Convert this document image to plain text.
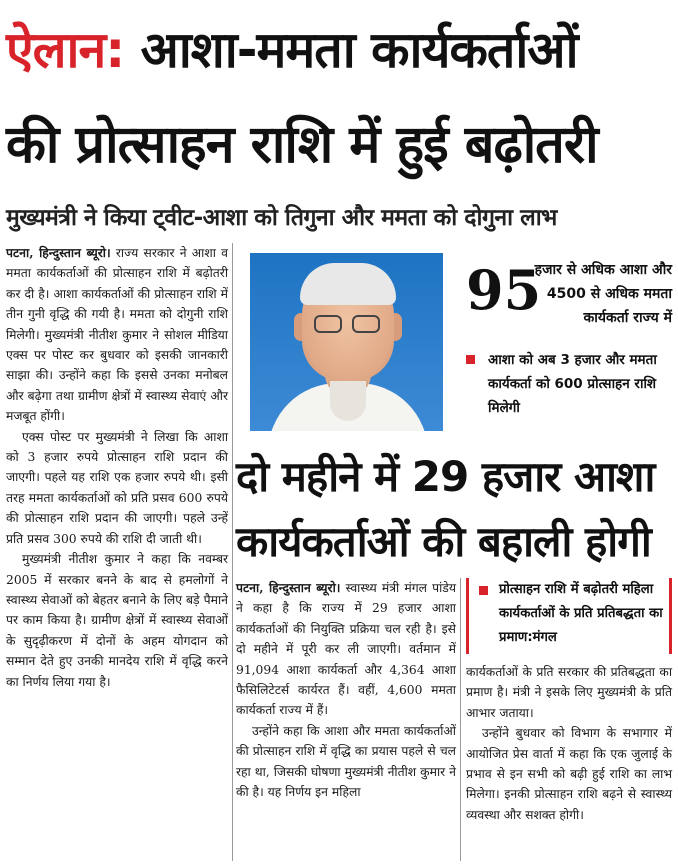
ऐलान: आशा-ममता कार्यकर्ताओं
की प्रोत्साहन राशि में हुई बढ़ोतरी
मुख्यमंत्री ने किया ट्वीट-आशा को तिगुना और ममता को दोगुना लाभ

पटना, हिन्दुस्तान ब्यूरो। राज्य सरकार ने आशा व ममता कार्यकर्ताओं की प्रोत्साहन राशि में बढ़ोतरी कर दी है। आशा कार्यकर्ताओं की प्रोत्साहन राशि में तीन गुनी वृद्धि की गयी है। ममता को दोगुनी राशि मिलेगी। मुख्यमंत्री नीतीश कुमार ने सोशल मीडिया एक्स पर पोस्ट कर बुधवार को इसकी जानकारी साझा की। उन्होंने कहा कि इससे उनका मनोबल और बढ़ेगा तथा ग्रामीण क्षेत्रों में स्वास्थ्य सेवाएं और मजबूत होंगी।

एक्स पोस्ट पर मुख्यमंत्री ने लिखा कि आशा को 3 हजार रुपये प्रोत्साहन राशि प्रदान की जाएगी। पहले यह राशि एक हजार रुपये थी। इसी तरह ममता कार्यकर्ताओं को प्रति प्रसव 600 रुपये की प्रोत्साहन राशि प्रदान की जाएगी। पहले उन्हें प्रति प्रसव 300 रुपये की राशि दी जाती थी।

मुख्यमंत्री नीतीश कुमार ने कहा कि नवम्बर 2005 में सरकार बनने के बाद से हमलोगों ने स्वास्थ्य सेवाओं को बेहतर बनाने के लिए बड़े पैमाने पर काम किया है। ग्रामीण क्षेत्रों में स्वास्थ्य सेवाओं के सुदृढ़ीकरण में दोनों के अहम योगदान को सम्मान देते हुए उनकी मानदेय राशि में वृद्धि करने का निर्णय लिया गया है।

95
हजार से अधिक आशा और 4500 से अधिक ममता कार्यकर्ता राज्य में
आशा को अब 3 हजार और ममता कार्यकर्ता को 600 प्रोत्साहन राशि मिलेगी
दो महीने में 29 हजार आशा
कार्यकर्ताओं की बहाली होगी

पटना, हिन्दुस्तान ब्यूरो। स्वास्थ्य मंत्री मंगल पांडेय ने कहा है कि राज्य में 29 हजार आशा कार्यकर्ताओं की नियुक्ति प्रक्रिया चल रही है। इसे दो महीने में पूरी कर ली जाएगी। वर्तमान में 91,094 आशा कार्यकर्ता और 4,364 आशा फैसिलिटेटर्स कार्यरत हैं। वहीं, 4,600 ममता कार्यकर्ता राज्य में हैं।

उन्होंने कहा कि आशा और ममता कार्यकर्ताओं की प्रोत्साहन राशि में वृद्धि का प्रयास पहले से चल रहा था, जिसकी घोषणा मुख्यमंत्री नीतीश कुमार ने की है। यह निर्णय इन महिला

प्रोत्साहन राशि में बढ़ोतरी महिला कार्यकर्ताओं के प्रति प्रतिबद्धता का प्रमाण:मंगल

कार्यकर्ताओं के प्रति सरकार की प्रतिबद्धता का प्रमाण है। मंत्री ने इसके लिए मुख्यमंत्री के प्रति आभार जताया।

उन्होंने बुधवार को विभाग के सभागार में आयोजित प्रेस वार्ता में कहा कि एक जुलाई के प्रभाव से इन सभी को बढ़ी हुई राशि का लाभ मिलेगा। इनकी प्रोत्साहन राशि बढ़ने से स्वास्थ्य व्यवस्था और सशक्त होगी।
